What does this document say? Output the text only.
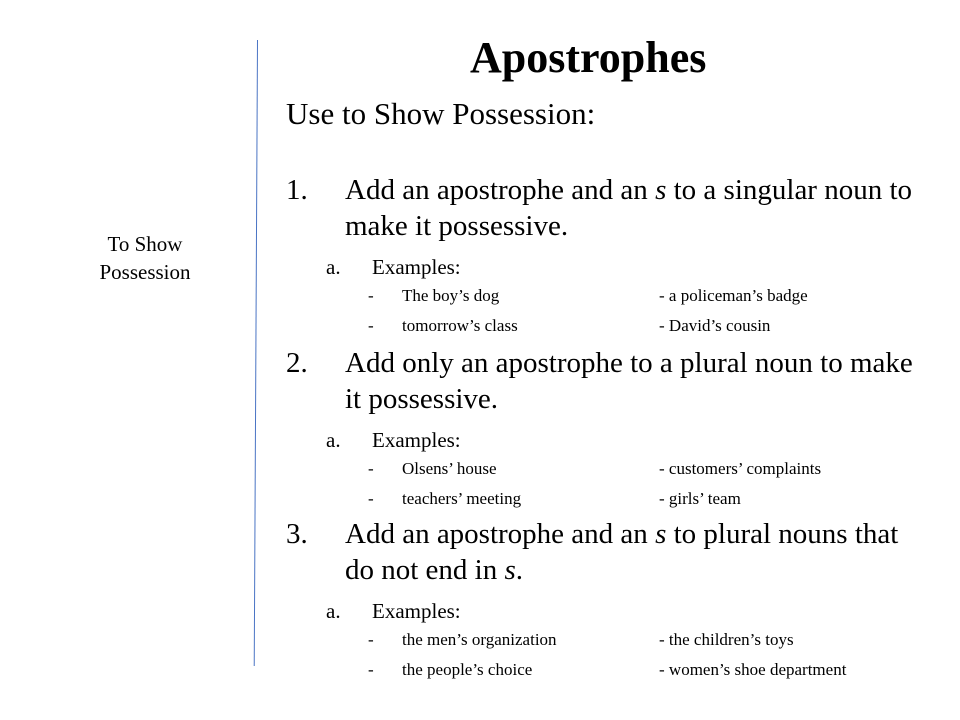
Apostrophes
To Show
Possession
Use to Show Possession:
1. Add an apostrophe and an s to a singular noun to make it possessive.
a. Examples:
- The boy’s dog	- a policeman’s badge
- tomorrow’s class	- David’s cousin
2. Add only an apostrophe to a plural noun to make it possessive.
a. Examples:
- Olsens’ house	- customers’ complaints
- teachers’ meeting	- girls’ team
3. Add an apostrophe and an s to plural nouns that do not end in s.
a. Examples:
- the men’s organization	- the children’s toys
- the people’s choice	- women’s shoe department
